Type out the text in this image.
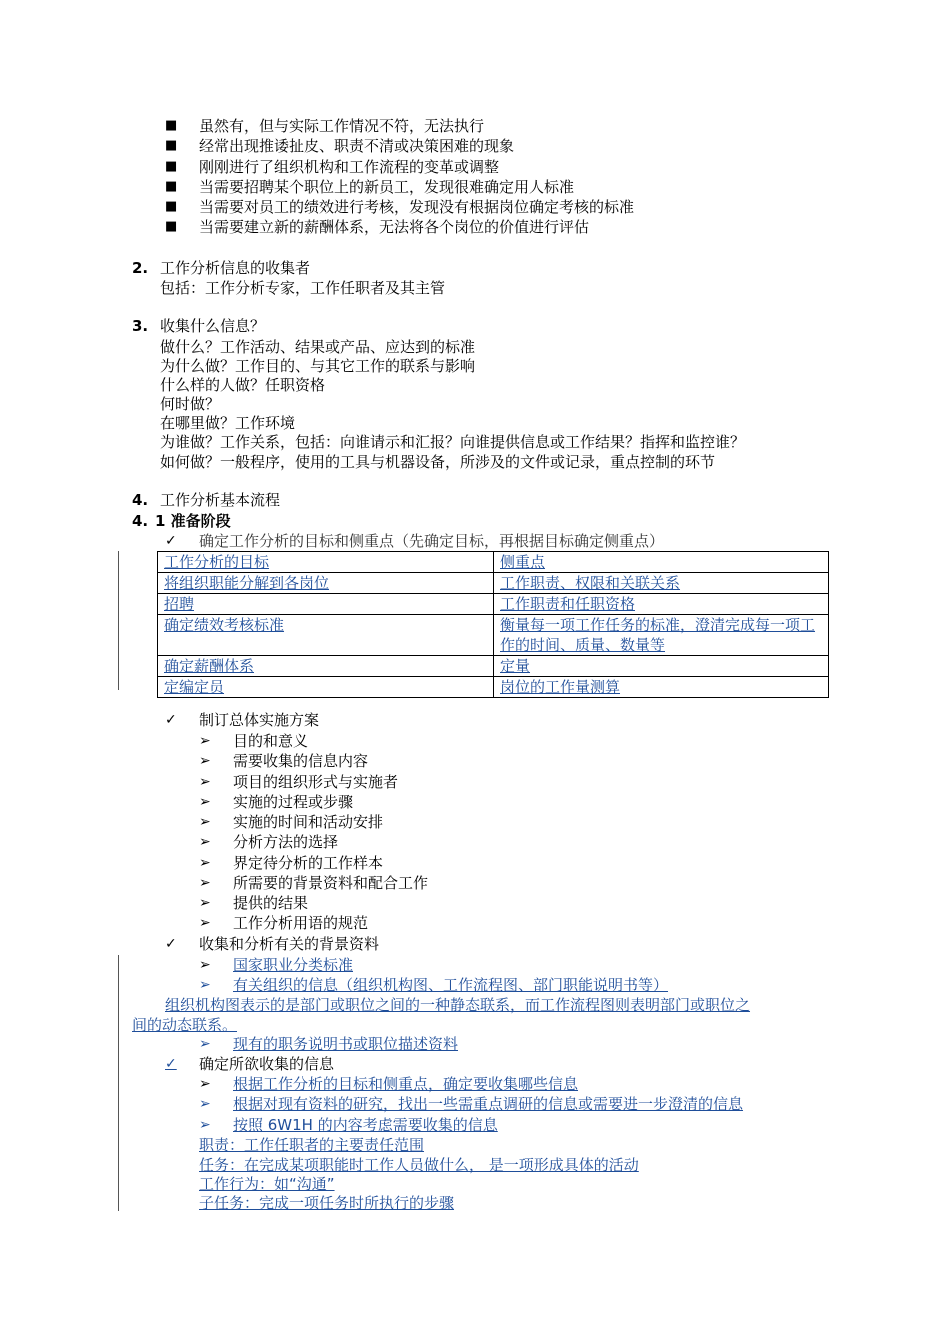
■ 虽然有，但与实际工作情况不符，无法执行
■ 经常出现推诿扯皮、职责不清或决策困难的现象
■ 刚刚进行了组织机构和工作流程的变革或调整
■ 当需要招聘某个职位上的新员工，发现很难确定用人标准
■ 当需要对员工的绩效进行考核，发现没有根据岗位确定考核的标准
■ 当需要建立新的薪酬体系，无法将各个岗位的价值进行评估
2. 工作分析信息的收集者
包括：工作分析专家，工作任职者及其主管
3. 收集什么信息？
做什么？工作活动、结果或产品、应达到的标准
为什么做？工作目的、与其它工作的联系与影响
什么样的人做？任职资格
何时做？
在哪里做？工作环境
为谁做？工作关系，包括：向谁请示和汇报？向谁提供信息或工作结果？指挥和监控谁？
如何做？一般程序，使用的工具与机器设备，所涉及的文件或记录，重点控制的环节
4. 工作分析基本流程
4. 1 准备阶段
✓ 确定工作分析的目标和侧重点（先确定目标，再根据目标确定侧重点）
工作分析的目标	侧重点
将组织职能分解到各岗位	工作职责、权限和关联关系
招聘	工作职责和任职资格
确定绩效考核标准	衡量每一项工作任务的标准，澄清完成每一项工作的时间、质量、数量等
确定薪酬体系	定量
定编定员	岗位的工作量测算
✓ 制订总体实施方案
➢ 目的和意义
➢ 需要收集的信息内容
➢ 项目的组织形式与实施者
➢ 实施的过程或步骤
➢ 实施的时间和活动安排
➢ 分析方法的选择
➢ 界定待分析的工作样本
➢ 所需要的背景资料和配合工作
➢ 提供的结果
➢ 工作分析用语的规范
✓ 收集和分析有关的背景资料
➢ 国家职业分类标准
➢ 有关组织的信息（组织机构图、工作流程图、部门职能说明书等）
组织机构图表示的是部门或职位之间的一种静态联系，而工作流程图则表明部门或职位之
间的动态联系。
➢ 现有的职务说明书或职位描述资料
✓ 确定所欲收集的信息
➢ 根据工作分析的目标和侧重点，确定要收集哪些信息
➢ 根据对现有资料的研究，找出一些需重点调研的信息或需要进一步澄清的信息
➢ 按照 6W1H 的内容考虑需要收集的信息
职责：工作任职者的主要责任范围
任务：在完成某项职能时工作人员做什么， 是一项形成具体的活动
工作行为：如“沟通”
子任务：完成一项任务时所执行的步骤
